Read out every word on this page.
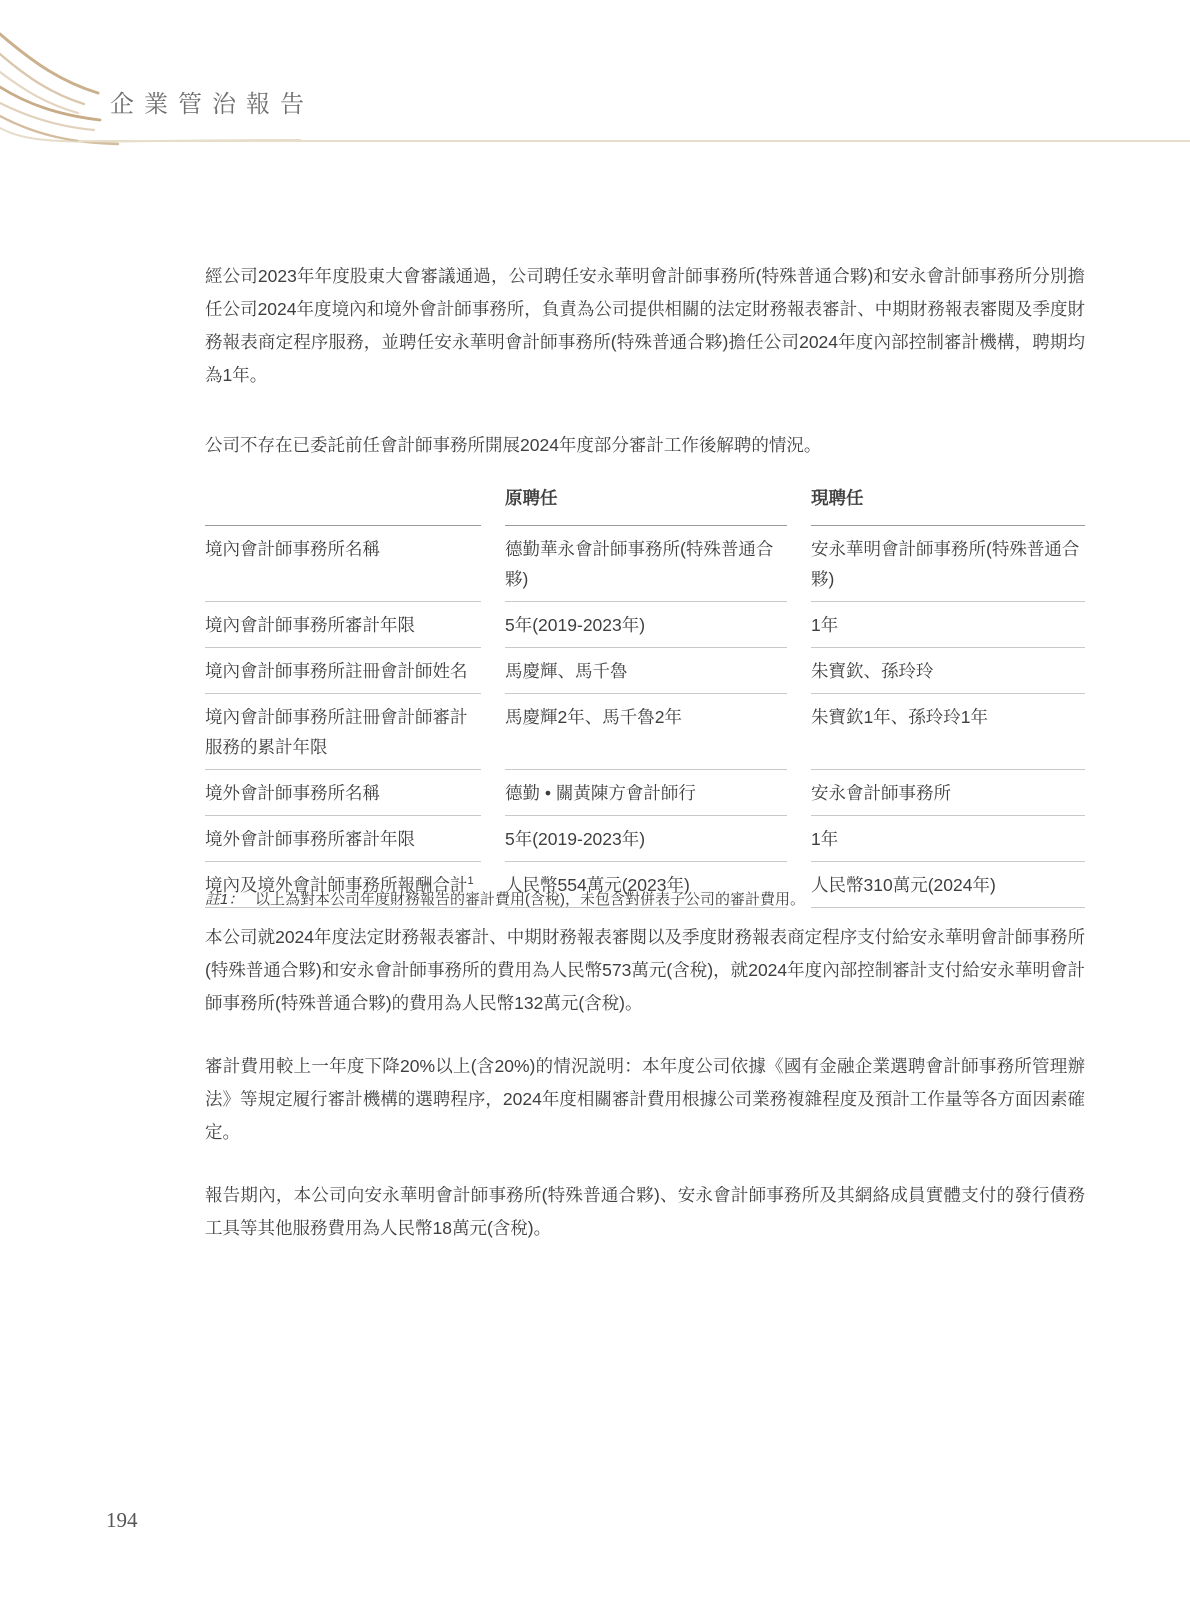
企業管治報告

經公司2023年年度股東大會審議通過，公司聘任安永華明會計師事務所(特殊普通合夥)和安永會計師事務所分別擔任公司2024年度境內和境外會計師事務所，負責為公司提供相關的法定財務報表審計、中期財務報表審閱及季度財務報表商定程序服務，並聘任安永華明會計師事務所(特殊普通合夥)擔任公司2024年度內部控制審計機構，聘期均為1年。

公司不存在已委託前任會計師事務所開展2024年度部分審計工作後解聘的情況。

	原聘任	現聘任
境內會計師事務所名稱	德勤華永會計師事務所(特殊普通合夥)	安永華明會計師事務所(特殊普通合夥)
境內會計師事務所審計年限	5年(2019-2023年)	1年
境內會計師事務所註冊會計師姓名	馬慶輝、馬千魯	朱寶欽、孫玲玲
境內會計師事務所註冊會計師審計服務的累計年限	馬慶輝2年、馬千魯2年	朱寶欽1年、孫玲玲1年
境外會計師事務所名稱	德勤 • 關黃陳方會計師行	安永會計師事務所
境外會計師事務所審計年限	5年(2019-2023年)	1年
境內及境外會計師事務所報酬合計$^1$	人民幣554萬元(2023年)	人民幣310萬元(2024年)
註1： 以上為對本公司年度財務報告的審計費用(含稅)，未包含對併表子公司的審計費用。

本公司就2024年度法定財務報表審計、中期財務報表審閱以及季度財務報表商定程序支付給安永華明會計師事務所(特殊普通合夥)和安永會計師事務所的費用為人民幣573萬元(含稅)，就2024年度內部控制審計支付給安永華明會計師事務所(特殊普通合夥)的費用為人民幣132萬元(含稅)。

審計費用較上一年度下降20%以上(含20%)的情況説明：本年度公司依據《國有金融企業選聘會計師事務所管理辦法》等規定履行審計機構的選聘程序，2024年度相關審計費用根據公司業務複雜程度及預計工作量等各方面因素確定。

報告期內，本公司向安永華明會計師事務所(特殊普通合夥)、安永會計師事務所及其網絡成員實體支付的發行債務工具等其他服務費用為人民幣18萬元(含稅)。

194
